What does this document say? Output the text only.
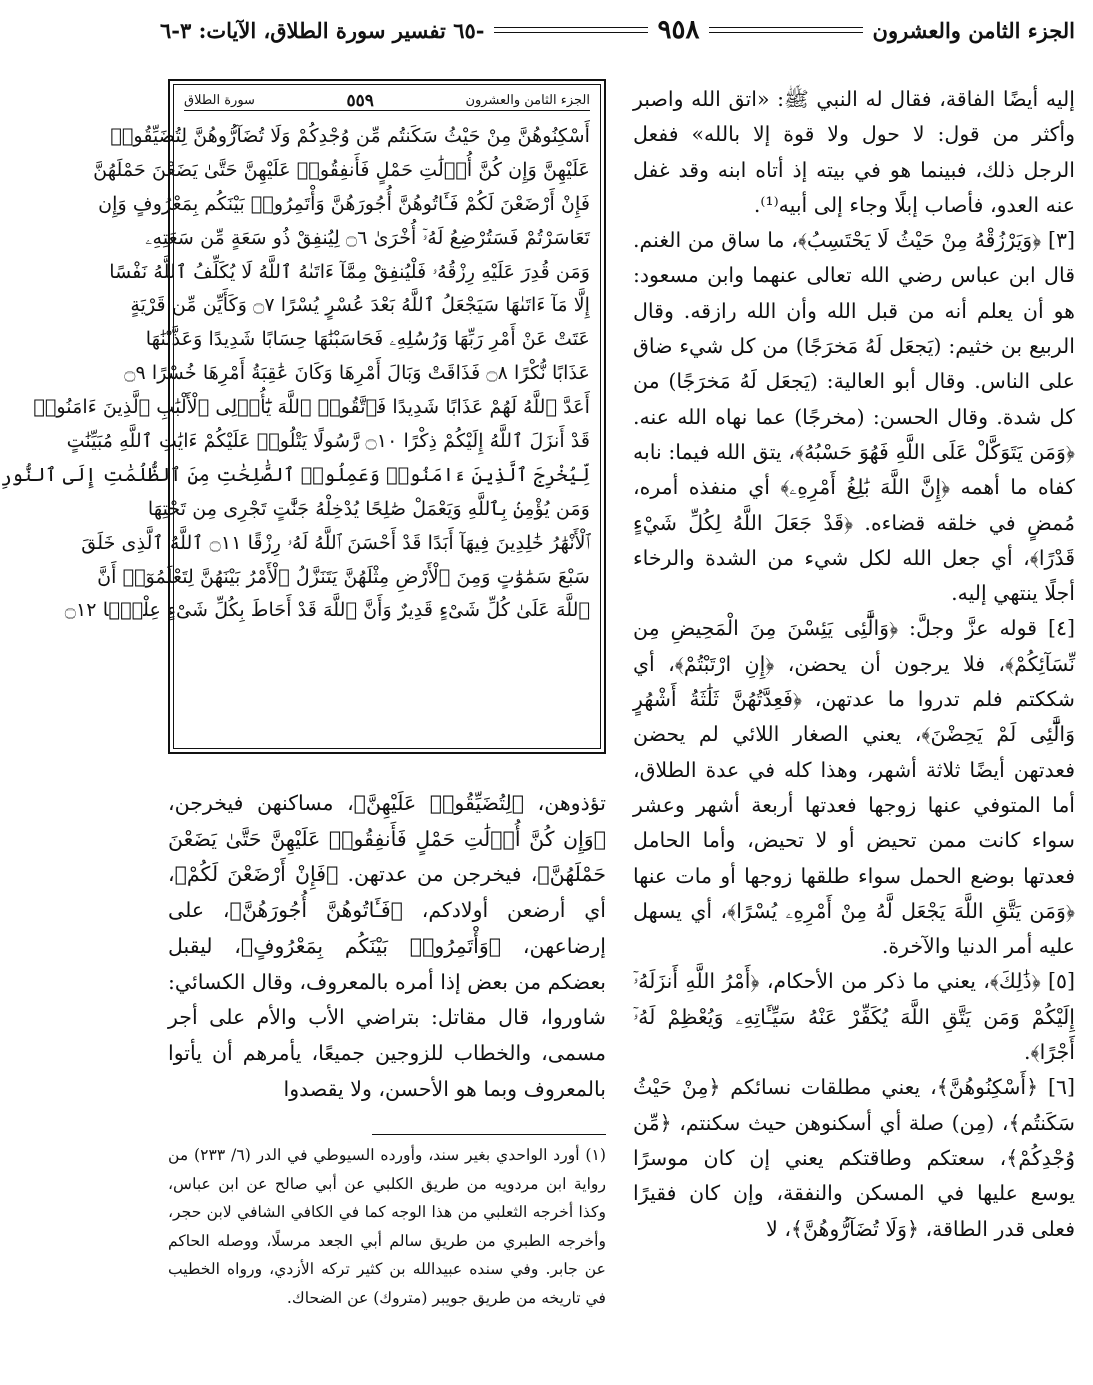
الجزء الثامن والعشرون
٩٥٨
-٦٥ تفسير سورة الطلاق، الآيات: ٣-٦

إليه أيضًا الفاقة، فقال له النبي ﷺ: «اتق الله واصبر وأكثر من قول: لا حول ولا قوة إلا بالله» ففعل الرجل ذلك، فبينما هو في بيته إذ أتاه ابنه وقد غفل عنه العدو، فأصاب إبلًا وجاء إلى أبيه⁽¹⁾.

[٣] ﴿وَيَرْزُقْهُ مِنْ حَيْثُ لَا يَحْتَسِبُ﴾، ما ساق من الغنم. قال ابن عباس رضي الله تعالى عنهما وابن مسعود: هو أن يعلم أنه من قبل الله وأن الله رازقه. وقال الربيع بن خثيم: (يَجعَل لَهُ مَخرَجًا) من كل شيء ضاق على الناس. وقال أبو العالية: (يَجعَل لَهُ مَخرَجًا) من كل شدة. وقال الحسن: (مخرجًا) عما نهاه الله عنه. ﴿وَمَن يَتَوَكَّلْ عَلَى اللَّهِ فَهُوَ حَسْبُهُ﴾، يتق الله فيما: نابه كفاه ما أهمه ﴿إِنَّ اللَّهَ بَٰلِغُ أَمْرِهِۦ﴾ أي منفذه أمره، مُمضٍ في خلقه قضاءه. ﴿قَدْ جَعَلَ اللَّهُ لِكُلِّ شَيْءٍ قَدْرًا﴾، أي جعل الله لكل شيء من الشدة والرخاء أجلًا ينتهي إليه.

[٤] قوله عزَّ وجلَّ: ﴿وَالَّٰٓئِى يَئِسْنَ مِنَ الْمَحِيضِ مِن نِّسَآئِكُمْ﴾، فلا يرجون أن يحضن، ﴿إِنِ ارْتَبْتُمْ﴾، أي شككتم فلم تدروا ما عدتهن، ﴿فَعِدَّتُهُنَّ ثَلَٰثَةُ أَشْهُرٍ وَالَّٰٓئِى لَمْ يَحِضْنَ﴾، يعني الصغار اللائي لم يحضن فعدتهن أيضًا ثلاثة أشهر، وهذا كله في عدة الطلاق، أما المتوفي عنها زوجها فعدتها أربعة أشهر وعشر سواء كانت ممن تحيض أو لا تحيض، وأما الحامل فعدتها بوضع الحمل سواء طلقها زوجها أو مات عنها ﴿وَمَن يَتَّقِ اللَّهَ يَجْعَل لَّهُ مِنْ أَمْرِهِۦ يُسْرًا﴾، أي يسهل عليه أمر الدنيا والآخرة.

[٥] ﴿ذَٰلِكَ﴾، يعني ما ذكر من الأحكام، ﴿أَمْرُ اللَّهِ أَنزَلَهُۥٓ إِلَيْكُمْ وَمَن يَتَّقِ اللَّهَ يُكَفِّرْ عَنْهُ سَيِّـَٔاتِهِۦ وَيُعْظِمْ لَهُۥٓ أَجْرًا﴾.

[٦] ﴿أَسْكِنُوهُنَّ﴾، يعني مطلقات نسائكم ﴿مِنْ حَيْثُ سَكَنتُم﴾، (مِن) صلة أي أسكنوهن حيث سكنتم، ﴿مِّن وُجْدِكُمْ﴾، سعتكم وطاقتكم يعني إن كان موسرًا يوسع عليها في المسكن والنفقة، وإن كان فقيرًا فعلى قدر الطاقة، ﴿وَلَا تُضَآرُّوهُنَّ﴾، لا

الجزء الثامن والعشرون
٥٥٩
سورة الطلاق
أَسْكِنُوهُنَّ مِنْ حَيْثُ سَكَنتُم مِّن وُجْدِكُمْ وَلَا تُضَآرُّوهُنَّ لِتُضَيِّقُوا۟
عَلَيْهِنَّ وَإِن كُنَّ أُو۟لَٰتِ حَمْلٍ فَأَنفِقُوا۟ عَلَيْهِنَّ حَتَّىٰ يَضَعْنَ حَمْلَهُنَّ
فَإِنْ أَرْضَعْنَ لَكُمْ فَـَٔاتُوهُنَّ أُجُورَهُنَّ وَأْتَمِرُوا۟ بَيْنَكُم بِمَعْرُوفٍ وَإِن
تَعَاسَرْتُمْ فَسَتُرْضِعُ لَهُۥٓ أُخْرَىٰ ۝٦ لِيُنفِقْ ذُو سَعَةٍ مِّن سَعَتِهِۦ
وَمَن قُدِرَ عَلَيْهِ رِزْقُهُۥ فَلْيُنفِقْ مِمَّآ ءَاتَىٰهُ ٱللَّهُ لَا يُكَلِّفُ ٱللَّهُ نَفْسًا
إِلَّا مَآ ءَاتَىٰهَا سَيَجْعَلُ ٱللَّهُ بَعْدَ عُسْرٍ يُسْرًا ۝٧ وَكَأَيِّن مِّن قَرْيَةٍ
عَتَتْ عَنْ أَمْرِ رَبِّهَا وَرُسُلِهِۦ فَحَاسَبْنَٰهَا حِسَابًا شَدِيدًا وَعَذَّبْنَٰهَا
عَذَابًا نُّكْرًا ۝٨ فَذَاقَتْ وَبَالَ أَمْرِهَا وَكَانَ عَٰقِبَةُ أَمْرِهَا خُسْرًا ۝٩
أَعَدَّ ٱللَّهُ لَهُمْ عَذَابًا شَدِيدًا فَٱتَّقُوا۟ ٱللَّهَ يَٰٓأُو۟لِى ٱلْأَلْبَٰبِ ٱلَّذِينَ ءَامَنُوا۟
قَدْ أَنزَلَ ٱللَّهُ إِلَيْكُمْ ذِكْرًا ۝١٠ رَّسُولًا يَتْلُوا۟ عَلَيْكُمْ ءَايَٰتِ ٱللَّهِ مُبَيِّنَٰتٍ
لِّيُخْرِجَ ٱلَّذِينَ ءَامَنُوا۟ وَعَمِلُوا۟ ٱلصَّٰلِحَٰتِ مِنَ ٱلظُّلُمَٰتِ إِلَى ٱلنُّورِ
وَمَن يُؤْمِنۢ بِٱللَّهِ وَيَعْمَلْ صَٰلِحًا يُدْخِلْهُ جَنَّٰتٍ تَجْرِى مِن تَحْتِهَا
ٱلْأَنْهَٰرُ خَٰلِدِينَ فِيهَآ أَبَدًا قَدْ أَحْسَنَ ٱللَّهُ لَهُۥ رِزْقًا ۝١١ ٱللَّهُ ٱلَّذِى خَلَقَ
سَبْعَ سَمَٰوَٰتٍ وَمِنَ ٱلْأَرْضِ مِثْلَهُنَّ يَتَنَزَّلُ ٱلْأَمْرُ بَيْنَهُنَّ لِتَعْلَمُوٓا۟ أَنَّ
ٱللَّهَ عَلَىٰ كُلِّ شَىْءٍ قَدِيرٌ وَأَنَّ ٱللَّهَ قَدْ أَحَاطَ بِكُلِّ شَىْءٍ عِلْمًۢا ۝١٢

تؤذوهن، ﴿لِتُضَيِّقُوا۟ عَلَيْهِنَّ﴾، مساكنهن فيخرجن، ﴿وَإِن كُنَّ أُو۟لَٰتِ حَمْلٍ فَأَنفِقُوا۟ عَلَيْهِنَّ حَتَّىٰ يَضَعْنَ حَمْلَهُنَّ﴾، فيخرجن من عدتهن. ﴿فَإِنْ أَرْضَعْنَ لَكُمْ﴾، أي أرضعن أولادكم، ﴿فَـَٔاتُوهُنَّ أُجُورَهُنَّ﴾، على إرضاعهن، ﴿وَأْتَمِرُوا۟ بَيْنَكُم بِمَعْرُوفٍ﴾، ليقبل بعضكم من بعض إذا أمره بالمعروف، وقال الكسائي: شاوروا، قال مقاتل: بتراضي الأب والأم على أجر مسمى، والخطاب للزوجين جميعًا، يأمرهم أن يأتوا بالمعروف وبما هو الأحسن، ولا يقصدوا

(١) أورد الواحدي بغير سند، وأورده السيوطي في الدر (٦/ ٢٣٣) من رواية ابن مردويه من طريق الكلبي عن أبي صالح عن ابن عباس، وكذا أخرجه الثعلبي من هذا الوجه كما في الكافي الشافي لابن حجر، وأخرجه الطبري من طريق سالم أبي الجعد مرسلًا، ووصله الحاكم عن جابر. وفي سنده عبيدالله بن كثير تركه الأزدي، ورواه الخطيب في تاريخه من طريق جويبر (متروك) عن الضحاك.
